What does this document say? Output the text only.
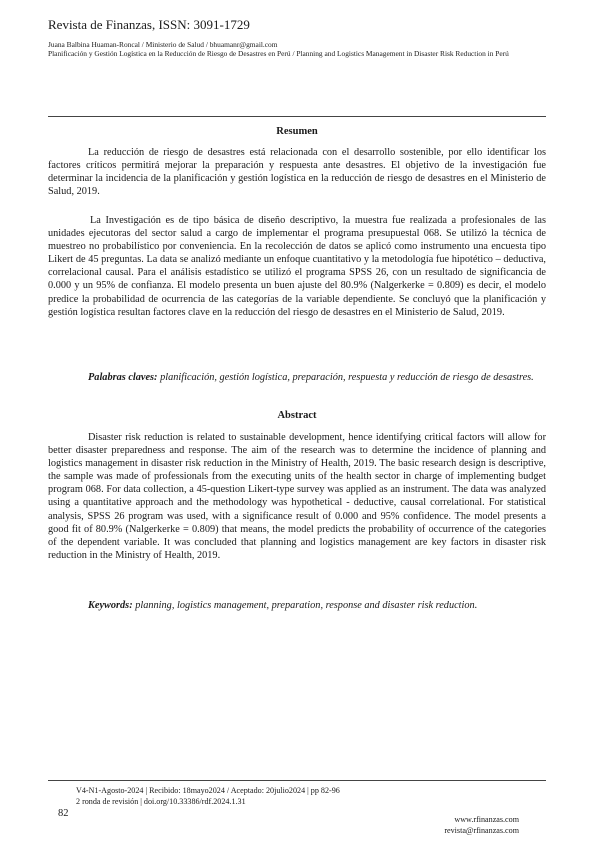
Revista de Finanzas, ISSN: 3091-1729
Juana Balbina Huaman-Roncal / Ministerio de Salud / bhuamanr@gmail.com
Planificación y Gestión Logística en la Reducción de Riesgo de Desastres en Perú / Planning and Logistics Management in Disaster Risk Reduction in Perú
Resumen

La reducción de riesgo de desastres está relacionada con el desarrollo sostenible, por ello identificar los factores críticos permitirá mejorar la preparación y respuesta ante desastres. El objetivo de la investigación fue determinar la incidencia de la planificación y gestión logística en la reducción de riesgo de desastres en el Ministerio de Salud, 2019.

La Investigación es de tipo básica de diseño descriptivo, la muestra fue realizada a profesionales de las unidades ejecutoras del sector salud a cargo de implementar el programa presupuestal 068. Se utilizó la técnica de muestreo no probabilístico por conveniencia. En la recolección de datos se aplicó como instrumento una encuesta tipo Likert de 45 preguntas. La data se analizó mediante un enfoque cuantitativo y la metodología fue hipotético – deductiva, correlacional causal. Para el análisis estadístico se utilizó el programa SPSS 26, con un resultado de significancia de 0.000 y un 95% de confianza. El modelo presenta un buen ajuste del 80.9% (Nalgerkerke = 0.809) es decir, el modelo predice la probabilidad de ocurrencia de las categorías de la variable dependiente. Se concluyó que la planificación y gestión logística resultan factores clave en la reducción del riesgo de desastres en el Ministerio de Salud, 2019.

Palabras claves: planificación, gestión logística, preparación, respuesta y reducción de riesgo de desastres.

Abstract

Disaster risk reduction is related to sustainable development, hence identifying critical factors will allow for better disaster preparedness and response. The aim of the research was to determine the incidence of planning and logistics management in disaster risk reduction in the Ministry of Health, 2019. The basic research design is descriptive, the sample was made of professionals from the executing units of the health sector in charge of implementing budget program 068. For data collection, a 45-question Likert-type survey was applied as an instrument. The data was analyzed using a quantitative approach and the methodology was hypothetical - deductive, causal correlational. For statistical analysis, SPSS 26 program was used, with a significance result of 0.000 and 95% confidence. The model presents a good fit of 80.9% (Nalgerkerke = 0.809) that means, the model predicts the probability of occurrence of the categories of the dependent variable. It was concluded that planning and logistics management are key factors in disaster risk reduction in the Ministry of Health, 2019.

Keywords: planning, logistics management, preparation, response and disaster risk reduction.

V4-N1-Agosto-2024 | Recibido: 18mayo2024 / Aceptado: 20julio2024 | pp 82-96
2 ronda de revisión | doi.org/10.33386/rdf.2024.1.31
82
www.rfinanzas.com
revista@rfinanzas.com
